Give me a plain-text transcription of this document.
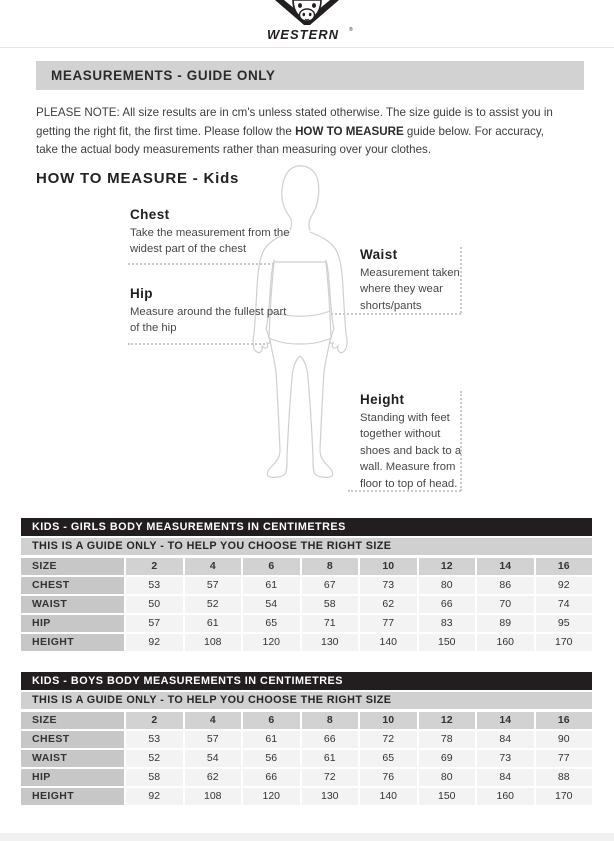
WESTERN ®
MEASUREMENTS - GUIDE ONLY

PLEASE NOTE: All size results are in cm's unless stated otherwise. The size guide is to assist you in getting the right fit, the first time. Please follow the HOW TO MEASURE guide below. For accuracy, take the actual body measurements rather than measuring over your clothes.

HOW TO MEASURE - Kids
Chest

Take the measurement from the widest part of the chest	Waist

Measurement taken where they wear shorts/pants

Hip

Measure around the fullest part of the hip

Height

Standing with feet together without shoes and back to a wall. Measure from floor to top of head.

KIDS - GIRLS BODY MEASUREMENTS IN CENTIMETRES
THIS IS A GUIDE ONLY - TO HELP YOU CHOOSE THE RIGHT SIZE
SIZE	2	4	6	8	10	12	14	16
CHEST	53	57	61	67	73	80	86	92
WAIST	50	52	54	58	62	66	70	74
HIP	57	61	65	71	77	83	89	95
HEIGHT	92	108	120	130	140	150	160	170
KIDS - BOYS BODY MEASUREMENTS IN CENTIMETRES
THIS IS A GUIDE ONLY - TO HELP YOU CHOOSE THE RIGHT SIZE
SIZE	2	4	6	8	10	12	14	16
CHEST	53	57	61	66	72	78	84	90
WAIST	52	54	56	61	65	69	73	77
HIP	58	62	66	72	76	80	84	88
HEIGHT	92	108	120	130	140	150	160	170
